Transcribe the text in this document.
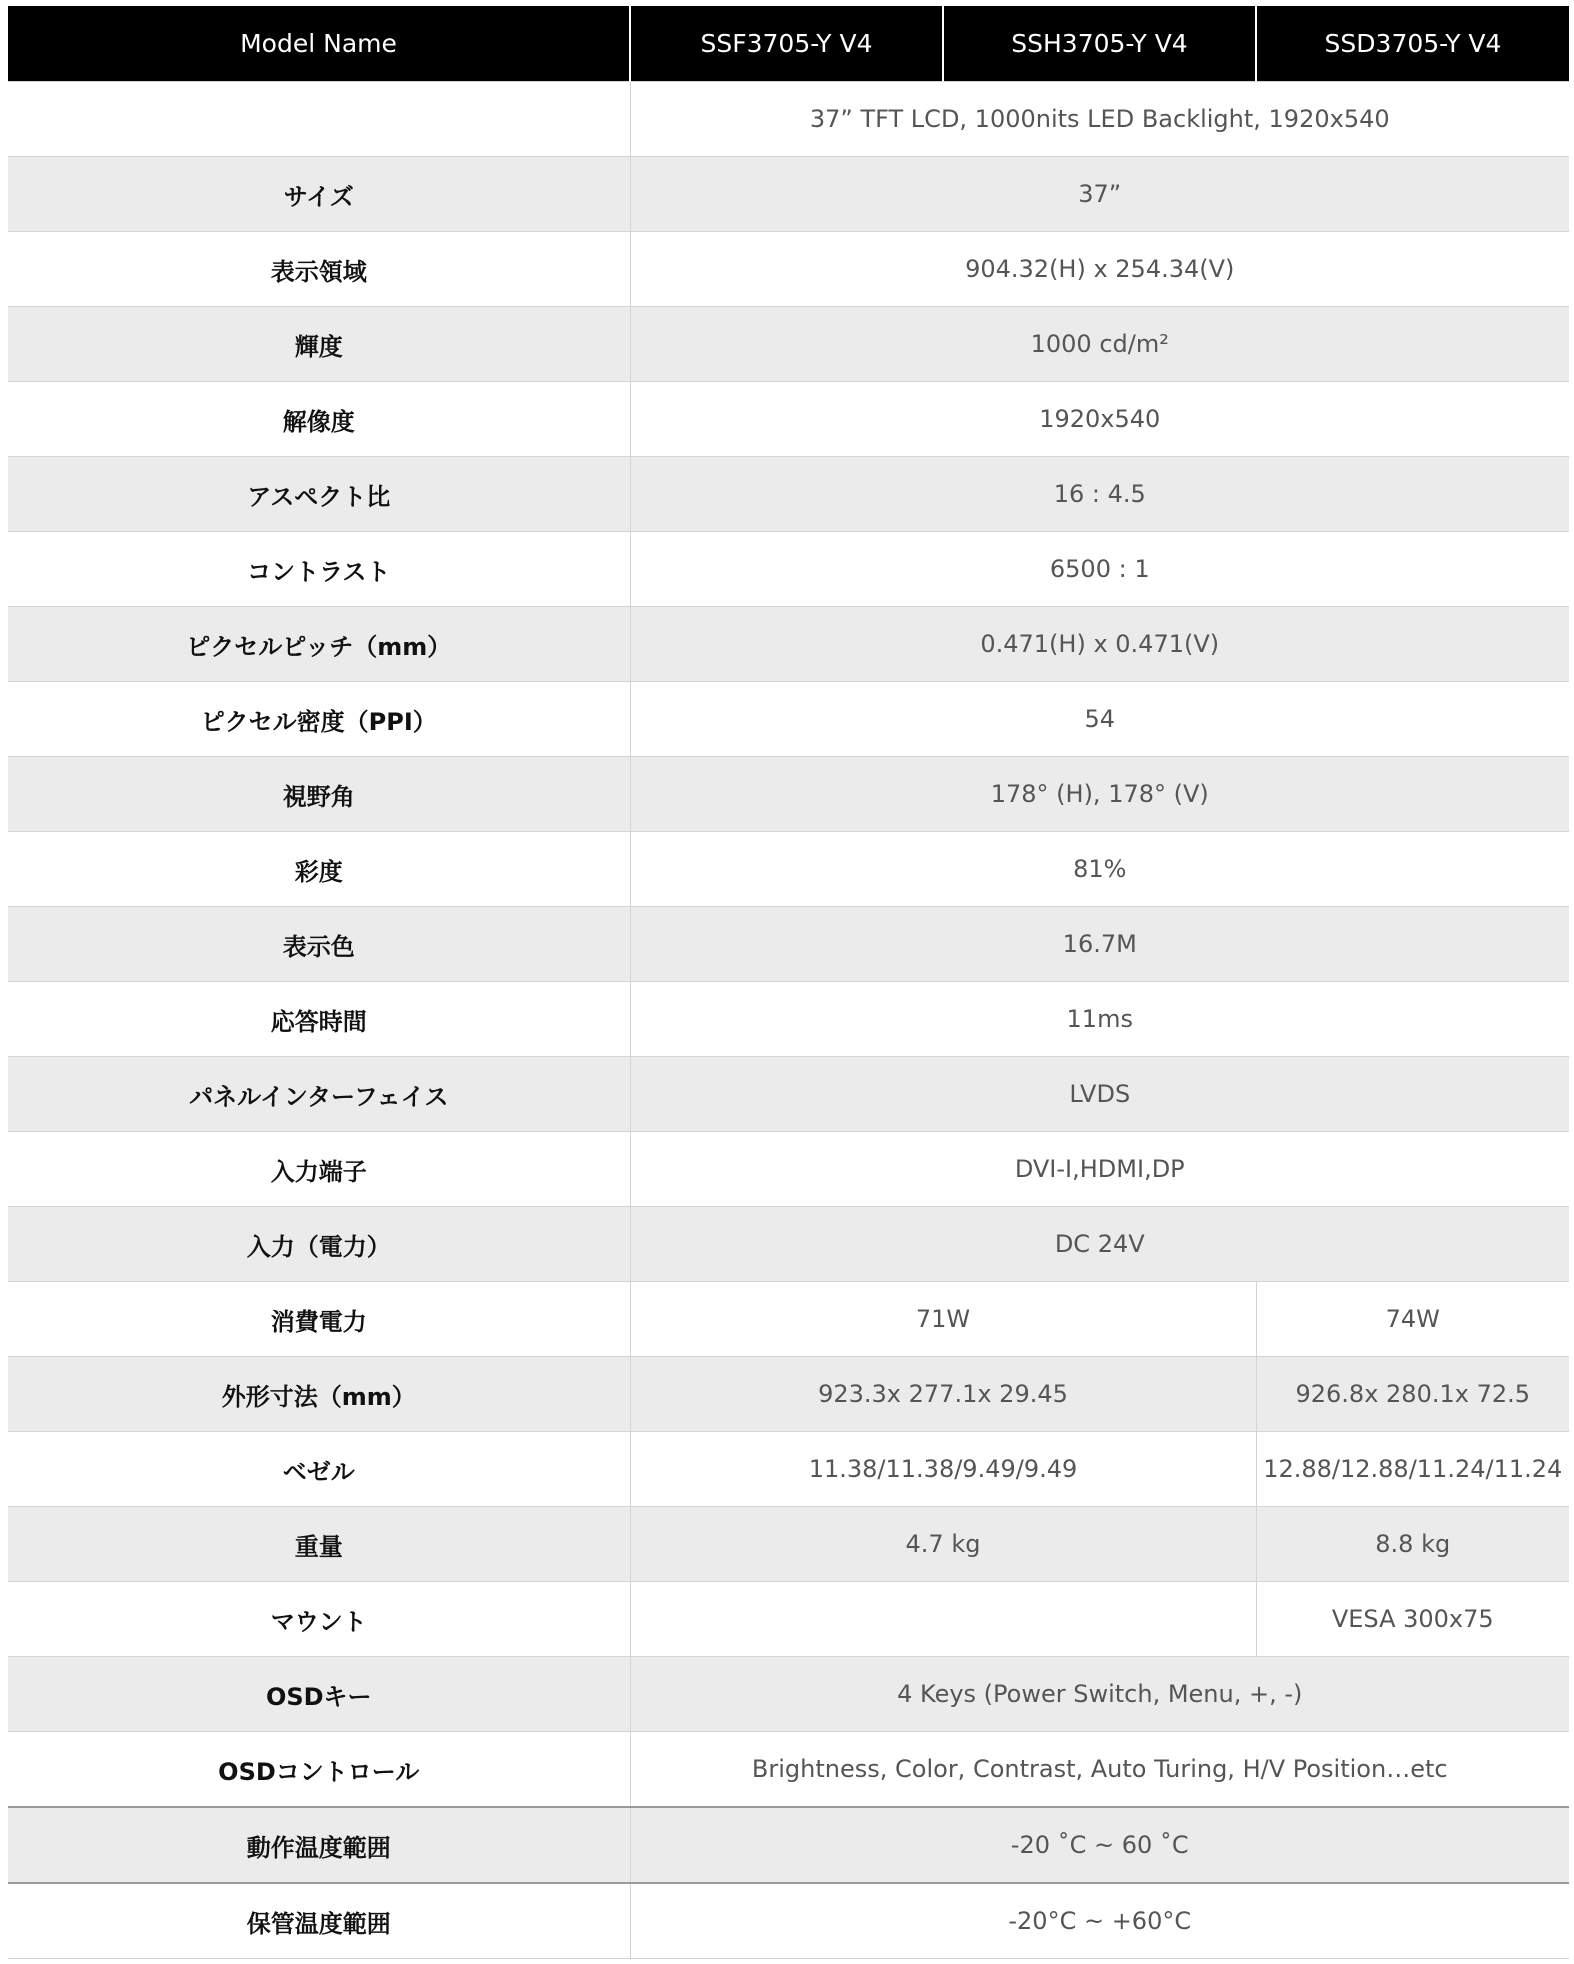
Model Name	SSF3705-Y V4	SSH3705-Y V4	SSD3705-Y V4
	37” TFT LCD, 1000nits LED Backlight, 1920x540		
サイズ	37”		
表示領域	904.32(H) x 254.34(V)		
輝度	1000 cd/m²		
解像度	1920x540		
アスペクト比	16 : 4.5		
コントラスト	6500 : 1		
ピクセルピッチ（mm）	0.471(H) x 0.471(V)		
ピクセル密度（PPI）	54		
視野角	178° (H), 178° (V)		
彩度	81%		
表示色	16.7M		
応答時間	11ms		
パネルインターフェイス	LVDS		
入力端子	DVI-I,HDMI,DP		
入力（電力）	DC 24V		
消費電力	71W		74W
外形寸法（mm）	923.3x 277.1x 29.45		926.8x 280.1x 72.5
ベゼル	11.38/11.38/9.49/9.49		12.88/12.88/11.24/11.24
重量	4.7 kg		8.8 kg
マウント			VESA 300x75
OSDキー	4 Keys (Power Switch, Menu, +, -)		
OSDコントロール	Brightness, Color, Contrast, Auto Turing, H/V Position…etc		
動作温度範囲	-20 ˚C ~ 60 ˚C		
保管温度範囲	-20°C ~ +60°C		
